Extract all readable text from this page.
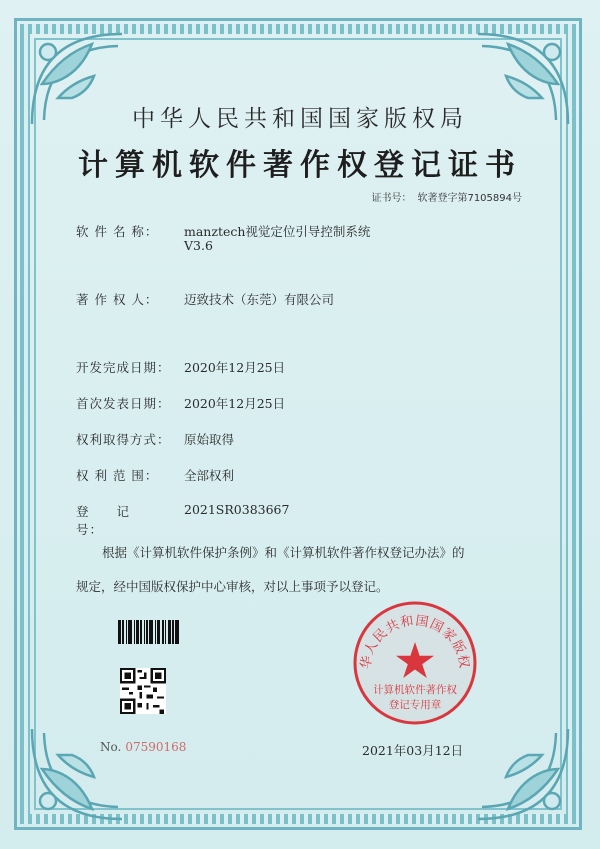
中华人民共和国国家版权局
计算机软件著作权登记证书
证书号： 软著登字第7105894号
软 件 名 称： manztech视觉定位引导控制系统
V3.6
著 作 权 人： 迈致技术（东莞）有限公司
开发完成日期： 2020年12月25日
首次发表日期： 2020年12月25日
权利取得方式： 原始取得
权 利 范 围： 全部权利
登　　记　　号：
2021SR0383667
根据《计算机软件保护条例》和《计算机软件著作权登记办法》的
规定，经中国版权保护中心审核，对以上事项予以登记。
No. 07590168
华人民共和国国家版权
计算机软件著作权
登记专用章
2021年03月12日
